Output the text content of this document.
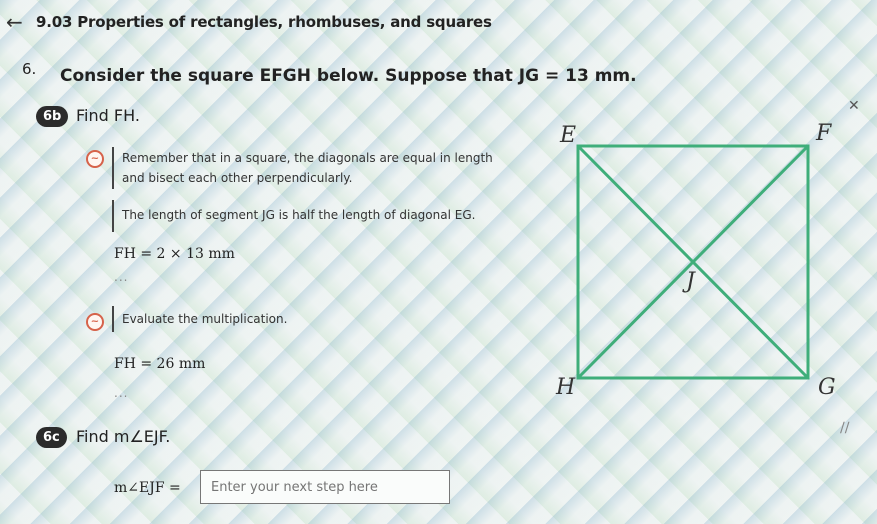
← 9.03 Properties of rectangles, rhombuses, and squares
6. Consider the square EFGH below. Suppose that JG = 13 mm.
6b Find FH.	✕
~	Remember that in a square, the diagonals are equal in length
and bisect each other perpendicularly.
The length of segment JG is half the length of diagonal EG.
FH = 2 × 13 mm
...
~	Evaluate the multiplication.
FH = 26 mm
...
6c	Find m∠EJF.	∕∕
m∠EJF =
Enter your next step here
E	F
G
H
J
